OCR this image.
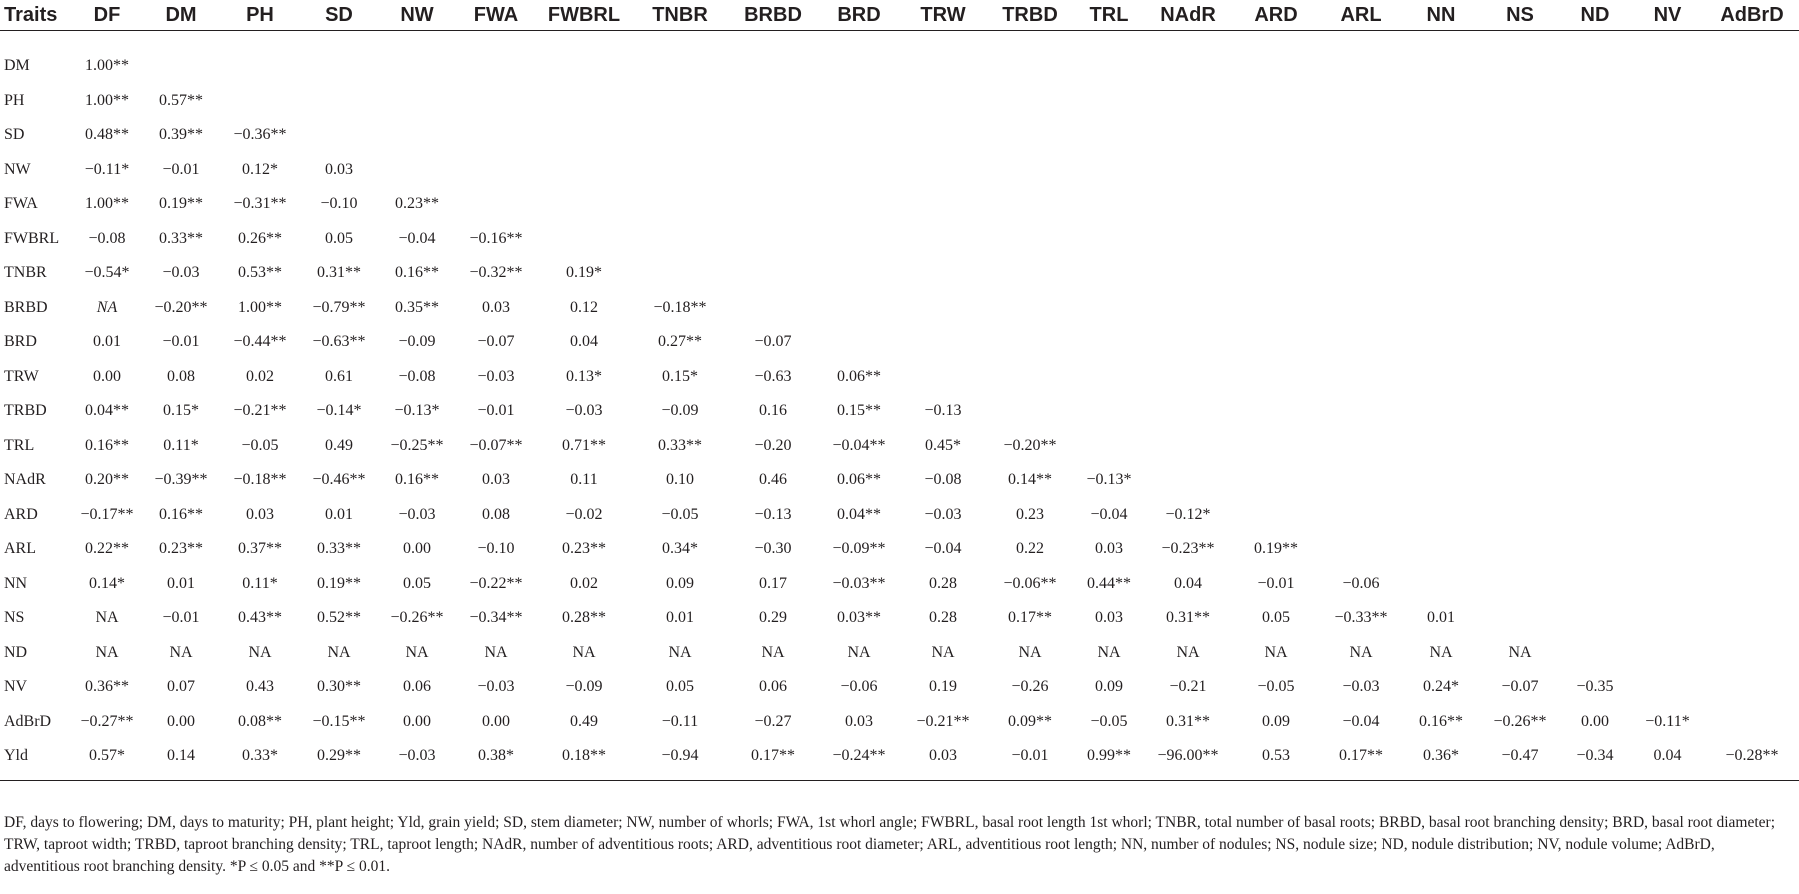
Traits	DF	DM	PH	SD	NW	FWA	FWBRL	TNBR	BRBD	BRD	TRW	TRBD	TRL	NAdR	ARD	ARL	NN	NS	ND	NV	AdBrD
DM	1.00**																				
PH	1.00**	0.57**																			
SD	0.48**	0.39**	−0.36**																		
NW	−0.11*	−0.01	0.12*	0.03																	
FWA	1.00**	0.19**	−0.31**	−0.10	0.23**																
FWBRL	−0.08	0.33**	0.26**	0.05	−0.04	−0.16**															
TNBR	−0.54*	−0.03	0.53**	0.31**	0.16**	−0.32**	0.19*														
BRBD	NA	−0.20**	1.00**	−0.79**	0.35**	0.03	0.12	−0.18**													
BRD	0.01	−0.01	−0.44**	−0.63**	−0.09	−0.07	0.04	0.27**	−0.07												
TRW	0.00	0.08	0.02	0.61	−0.08	−0.03	0.13*	0.15*	−0.63	0.06**											
TRBD	0.04**	0.15*	−0.21**	−0.14*	−0.13*	−0.01	−0.03	−0.09	0.16	0.15**	−0.13										
TRL	0.16**	0.11*	−0.05	0.49	−0.25**	−0.07**	0.71**	0.33**	−0.20	−0.04**	0.45*	−0.20**									
NAdR	0.20**	−0.39**	−0.18**	−0.46**	0.16**	0.03	0.11	0.10	0.46	0.06**	−0.08	0.14**	−0.13*								
ARD	−0.17**	0.16**	0.03	0.01	−0.03	0.08	−0.02	−0.05	−0.13	0.04**	−0.03	0.23	−0.04	−0.12*							
ARL	0.22**	0.23**	0.37**	0.33**	0.00	−0.10	0.23**	0.34*	−0.30	−0.09**	−0.04	0.22	0.03	−0.23**	0.19**						
NN	0.14*	0.01	0.11*	0.19**	0.05	−0.22**	0.02	0.09	0.17	−0.03**	0.28	−0.06**	0.44**	0.04	−0.01	−0.06					
NS	NA	−0.01	0.43**	0.52**	−0.26**	−0.34**	0.28**	0.01	0.29	0.03**	0.28	0.17**	0.03	0.31**	0.05	−0.33**	0.01				
ND	NA	NA	NA	NA	NA	NA	NA	NA	NA	NA	NA	NA	NA	NA	NA	NA	NA	NA			
NV	0.36**	0.07	0.43	0.30**	0.06	−0.03	−0.09	0.05	0.06	−0.06	0.19	−0.26	0.09	−0.21	−0.05	−0.03	0.24*	−0.07	−0.35		
AdBrD	−0.27**	0.00	0.08**	−0.15**	0.00	0.00	0.49	−0.11	−0.27	0.03	−0.21**	0.09**	−0.05	0.31**	0.09	−0.04	0.16**	−0.26**	0.00	−0.11*	
Yld	0.57*	0.14	0.33*	0.29**	−0.03	0.38*	0.18**	−0.94	0.17**	−0.24**	0.03	−0.01	0.99**	−96.00**	0.53	0.17**	0.36*	−0.47	−0.34	0.04	−0.28**
DF, days to flowering; DM, days to maturity; PH, plant height; Yld, grain yield; SD, stem diameter; NW, number of whorls; FWA, 1st whorl angle; FWBRL, basal root length 1st whorl; TNBR, total number of basal roots; BRBD, basal root branching density; BRD, basal root diameter; TRW, taproot width; TRBD, taproot branching density; TRL, taproot length; NAdR, number of adventitious roots; ARD, adventitious root diameter; ARL, adventitious root length; NN, number of nodules; NS, nodule size; ND, nodule distribution; NV, nodule volume; AdBrD, adventitious root branching density. *P ≤ 0.05 and **P ≤ 0.01.
